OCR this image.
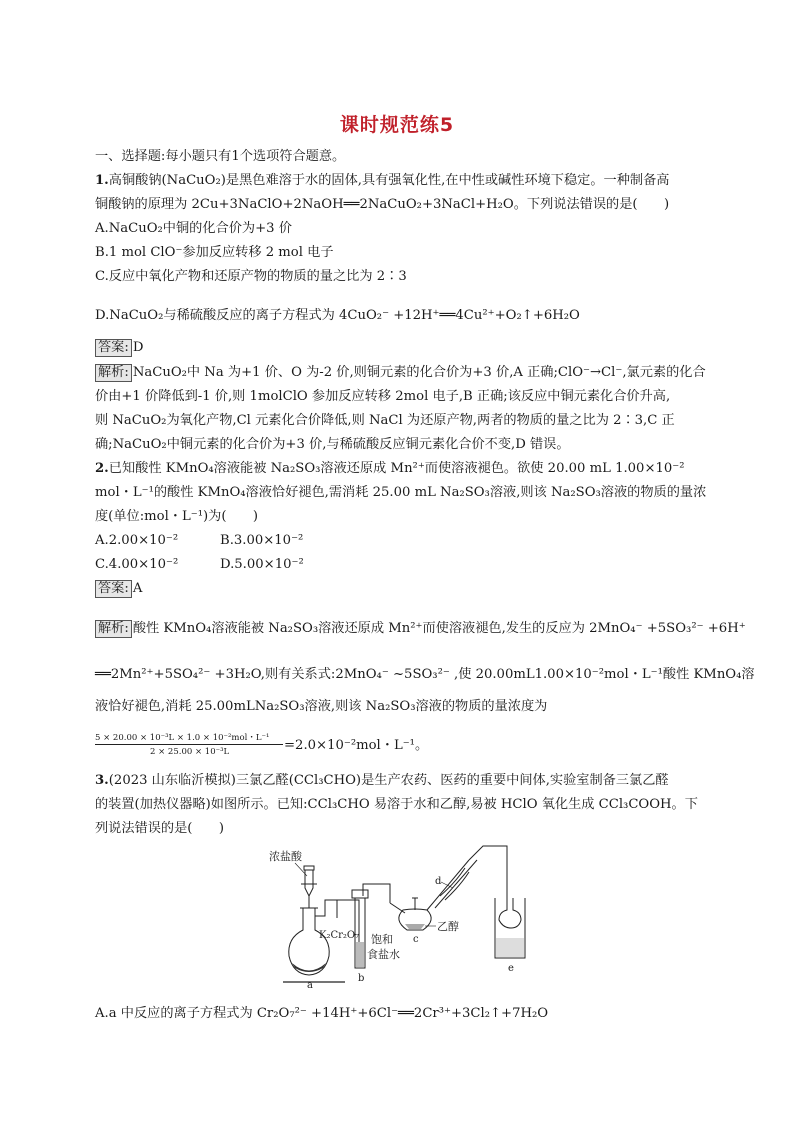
课时规范练5
一、选择题:每小题只有1个选项符合题意。
1.高铜酸钠(NaCuO₂)是黑色难溶于水的固体,具有强氧化性,在中性或碱性环境下稳定。一种制备高
铜酸钠的原理为 2Cu+3NaClO+2NaOH══2NaCuO₂+3NaCl+H₂O。下列说法错误的是(　　)
A.NaCuO₂中铜的化合价为+3 价
B.1 mol ClO⁻参加反应转移 2 mol 电子
C.反应中氧化产物和还原产物的物质的量之比为 2∶3
D.NaCuO₂与稀硫酸反应的离子方程式为 4CuO₂⁻ +12H⁺══4Cu²⁺+O₂↑+6H₂O
答案: D
解析: NaCuO₂中 Na 为+1 价、O 为-2 价,则铜元素的化合价为+3 价,A 正确;ClO⁻→Cl⁻,氯元素的化合
价由+1 价降低到-1 价,则 1molClO 参加反应转移 2mol 电子,B 正确;该反应中铜元素化合价升高,
则 NaCuO₂为氧化产物,Cl 元素化合价降低,则 NaCl 为还原产物,两者的物质的量之比为 2∶3,C 正
确;NaCuO₂中铜元素的化合价为+3 价,与稀硫酸反应铜元素化合价不变,D 错误。
2.已知酸性 KMnO₄溶液能被 Na₂SO₃溶液还原成 Mn²⁺而使溶液褪色。欲使 20.00 mL 1.00×10⁻²
mol・L⁻¹的酸性 KMnO₄溶液恰好褪色,需消耗 25.00 mL Na₂SO₃溶液,则该 Na₂SO₃溶液的物质的量浓
度(单位:mol・L⁻¹)为(　　)
A.2.00×10⁻²	B.3.00×10⁻²
C.4.00×10⁻²	D.5.00×10⁻²
答案: A
解析: 酸性 KMnO₄溶液能被 Na₂SO₃溶液还原成 Mn²⁺而使溶液褪色,发生的反应为 2MnO₄⁻ +5SO₃²⁻ +6H⁺
══2Mn²⁺+5SO₄²⁻ +3H₂O,则有关系式:2MnO₄⁻ ~5SO₃²⁻ ,使 20.00mL1.00×10⁻²mol・L⁻¹酸性 KMnO₄溶
液恰好褪色,消耗 25.00mLNa₂SO₃溶液,则该 Na₂SO₃溶液的物质的量浓度为
5 × 20.00 × 10⁻³L × 1.0 × 10⁻²mol・L⁻¹
2 × 25.00 × 10⁻³L	=2.0×10⁻²mol・L⁻¹。
3.(2023 山东临沂模拟)三氯乙醛(CCl₃CHO)是生产农药、医药的重要中间体,实验室制备三氯乙醛
的装置(加热仪器略)如图所示。已知:CCl₃CHO 易溶于水和乙醇,易被 HClO 氧化生成 CCl₃COOH。下
列说法错误的是(　　)
浓盐酸
K₂Cr₂O₇ 饱和
食盐水
乙醇
a
b
c
d
e
A.a 中反应的离子方程式为 Cr₂O₇²⁻ +14H⁺+6Cl⁻══2Cr³⁺+3Cl₂↑+7H₂O
